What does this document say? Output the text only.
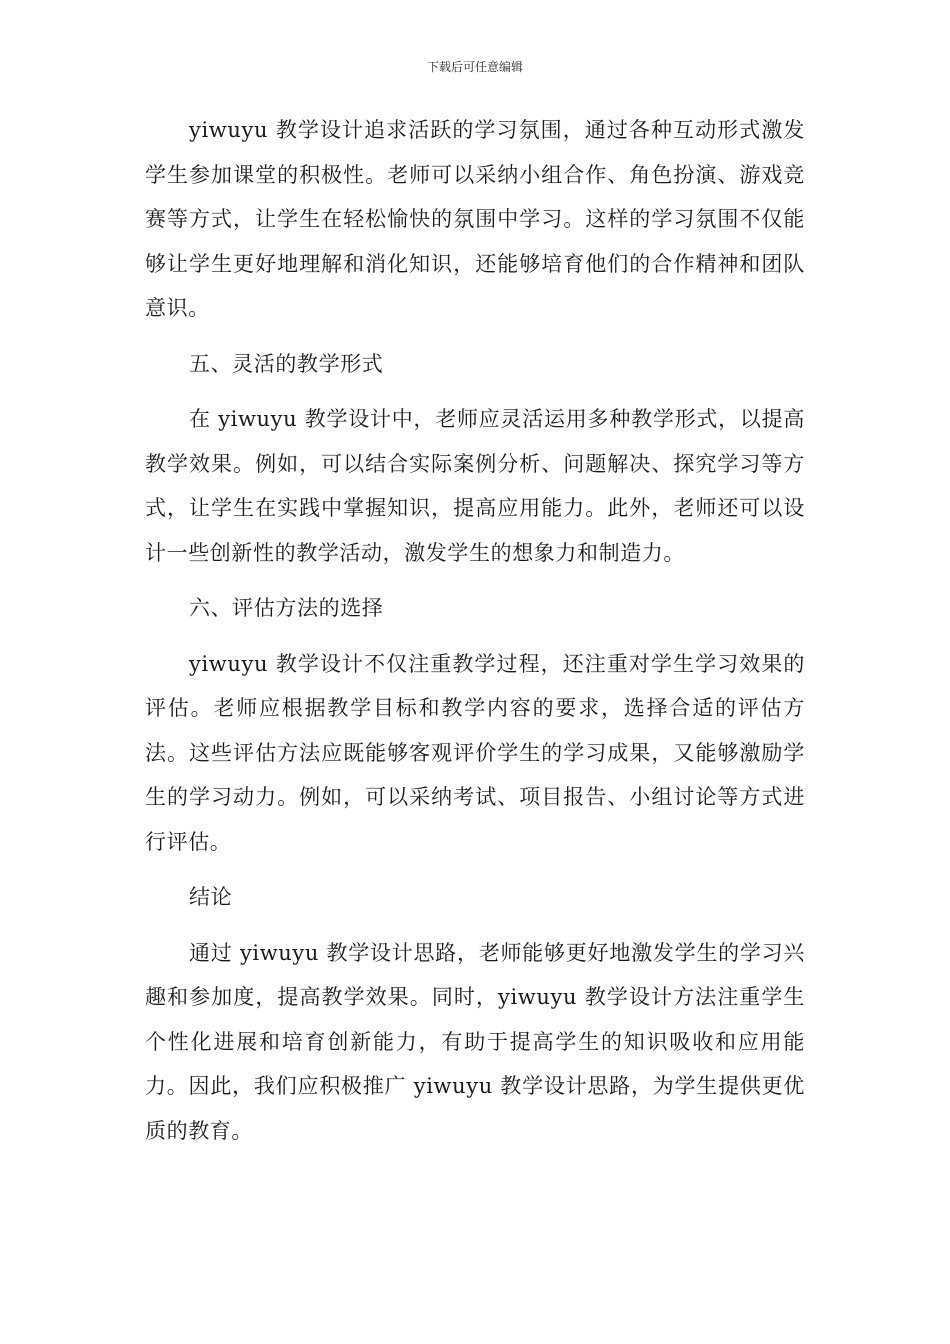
下载后可任意编辑

yiwuyu 教学设计追求活跃的学习氛围，通过各种互动形式激发学生参加课堂的积极性。老师可以采纳小组合作、角色扮演、游戏竞赛等方式，让学生在轻松愉快的氛围中学习。这样的学习氛围不仅能够让学生更好地理解和消化知识，还能够培育他们的合作精神和团队意识。

五、灵活的教学形式

在 yiwuyu 教学设计中，老师应灵活运用多种教学形式，以提高教学效果。例如，可以结合实际案例分析、问题解决、探究学习等方式，让学生在实践中掌握知识，提高应用能力。此外，老师还可以设计一些创新性的教学活动，激发学生的想象力和制造力。

六、评估方法的选择

yiwuyu 教学设计不仅注重教学过程，还注重对学生学习效果的评估。老师应根据教学目标和教学内容的要求，选择合适的评估方法。这些评估方法应既能够客观评价学生的学习成果，又能够激励学生的学习动力。例如，可以采纳考试、项目报告、小组讨论等方式进行评估。

结论

通过 yiwuyu 教学设计思路，老师能够更好地激发学生的学习兴趣和参加度，提高教学效果。同时，yiwuyu 教学设计方法注重学生个性化进展和培育创新能力，有助于提高学生的知识吸收和应用能力。因此，我们应积极推广 yiwuyu 教学设计思路，为学生提供更优质的教育。
